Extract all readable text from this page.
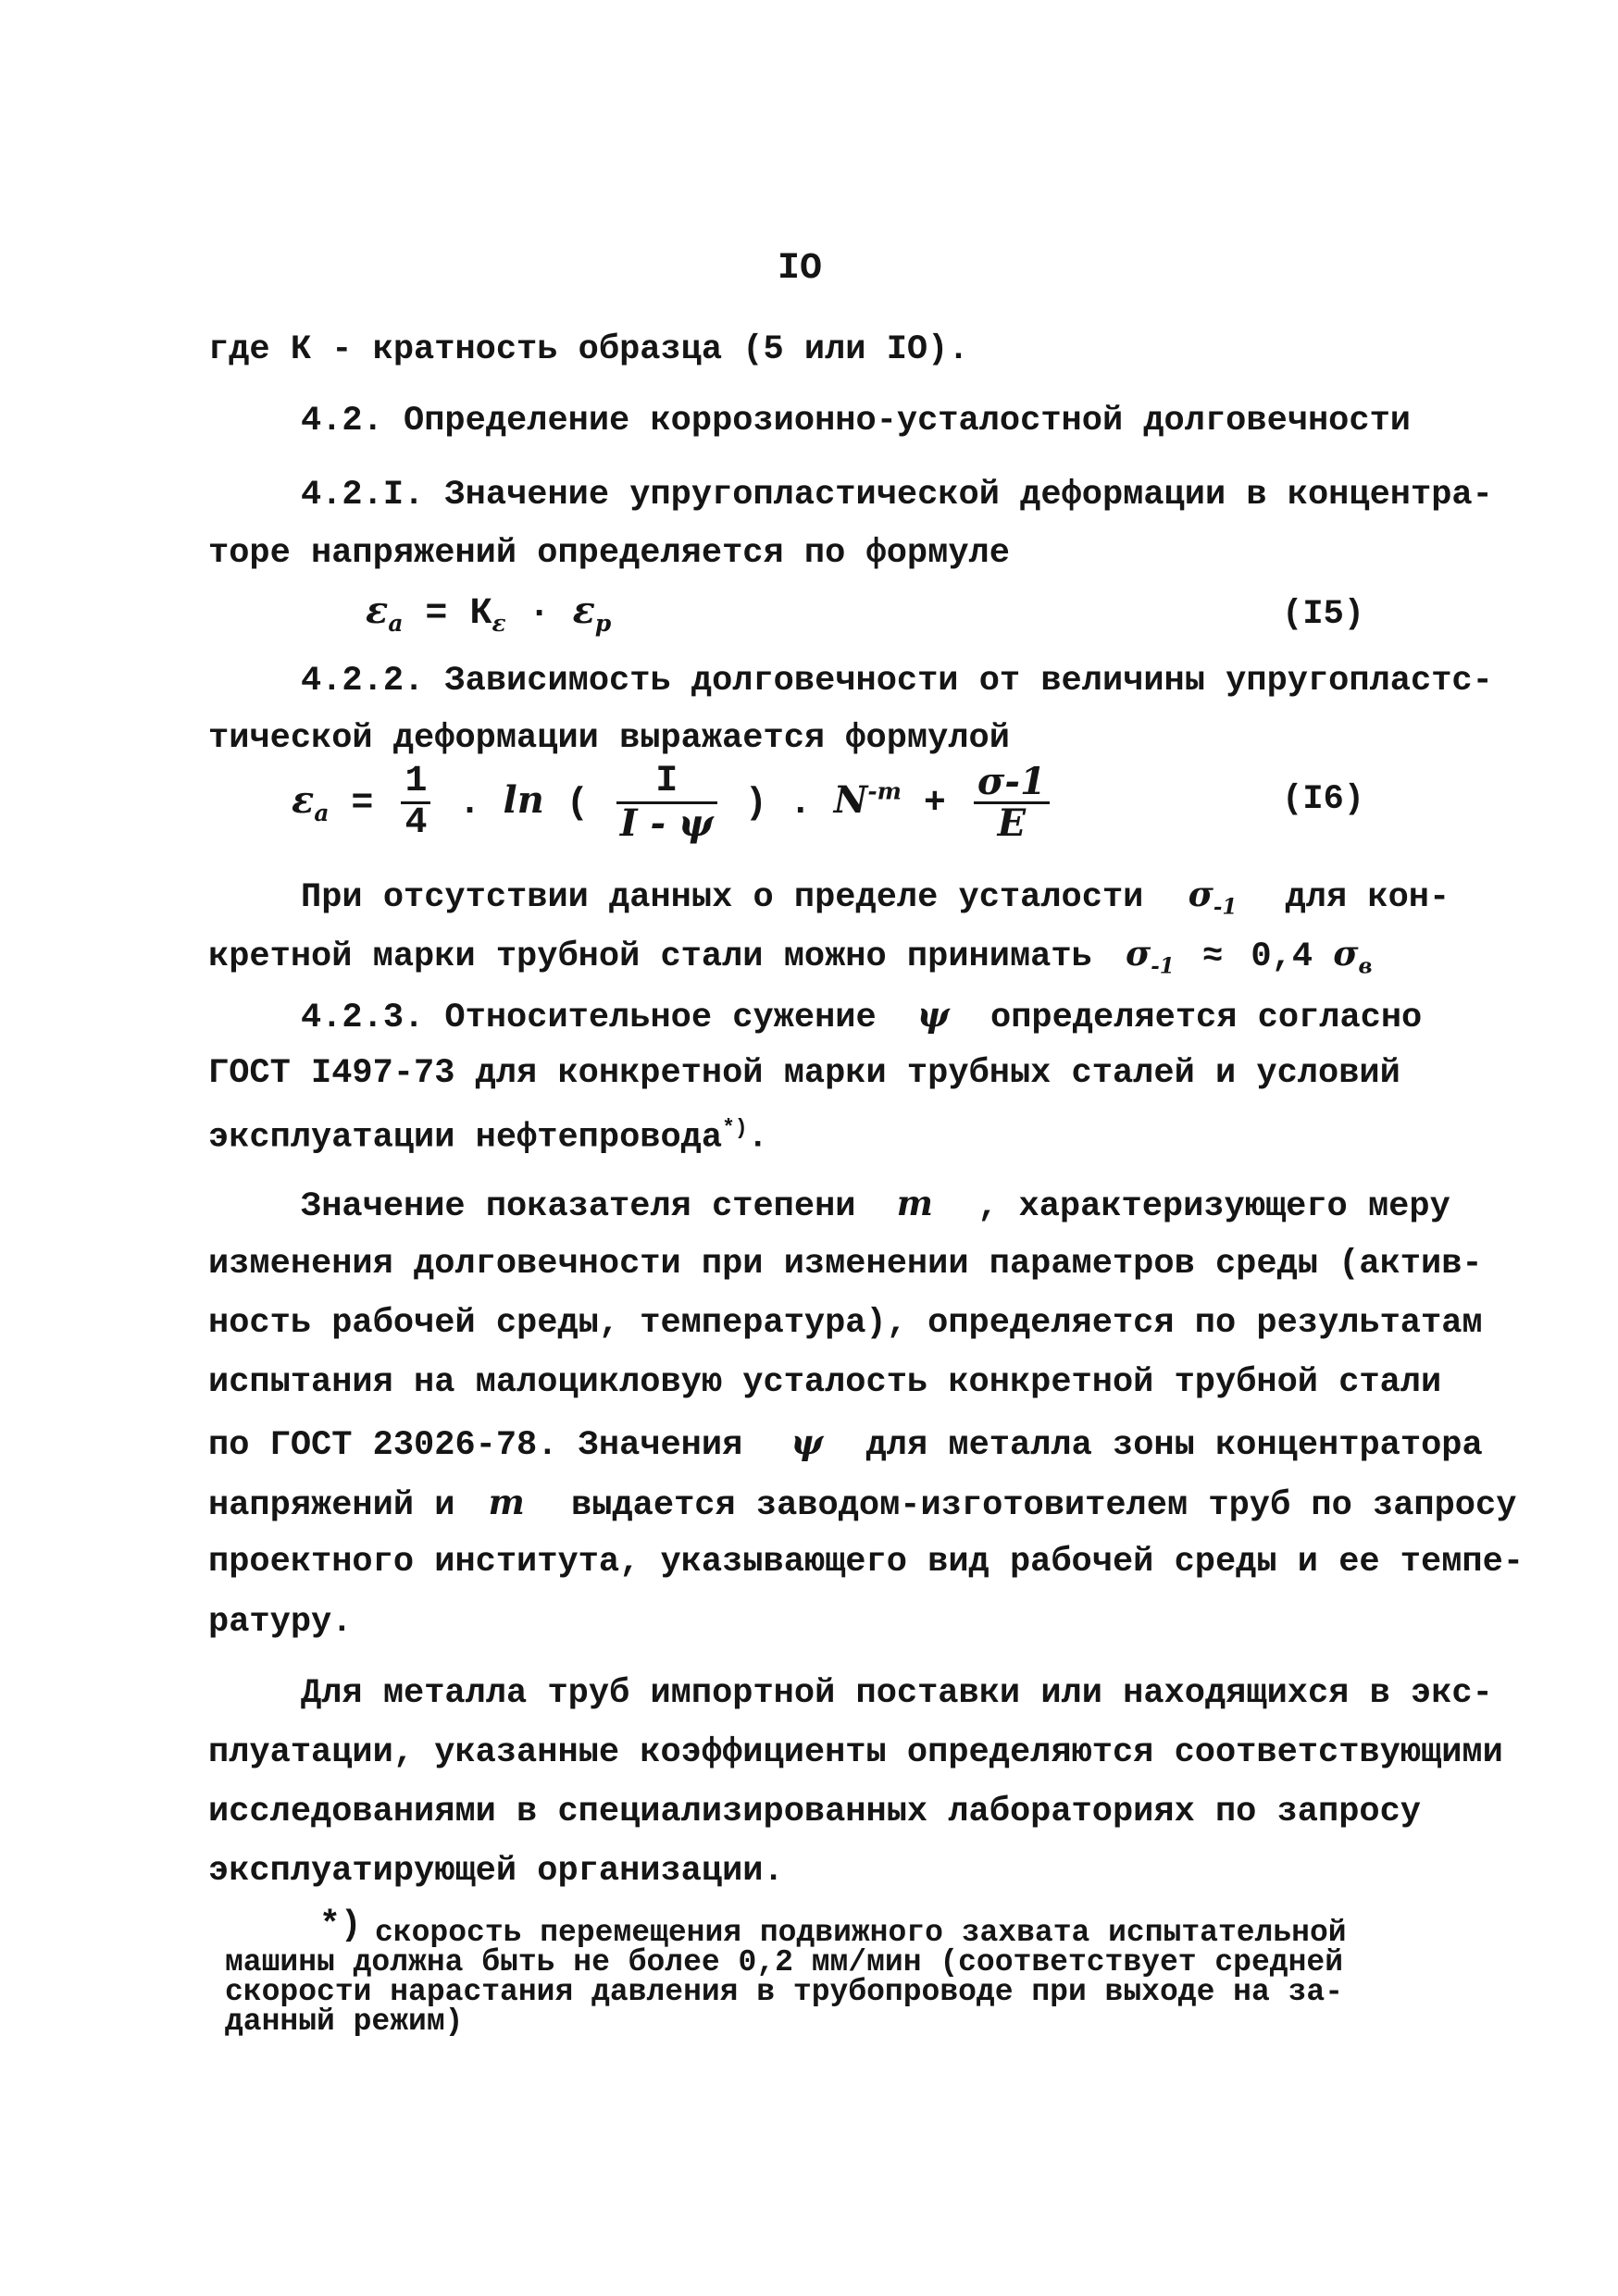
IO
где К - кратность образца (5 или IO).
4.2. Определение коррозионно-усталостной долговечности
4.2.I. Значение упругопластической деформации в концентра-
торе напряжений определяется по формуле
$\varepsilon_a = К_\varepsilon \cdot \varepsilon_p$	(I5)
4.2.2. Зависимость долговечности от величины упругопластс-
тической деформации выражается формулой
$\varepsilon_a = \frac{1}{4}$ . ln ( $\frac{I}{I - \psi}$ ) . $N^{-m} + \frac{\sigma-1}{E}$	(I6)
При отсутствии данных о пределе усталости $\sigma_{-1}$ для кон-
кретной марки трубной стали можно принимать $\sigma_{-1} \approx 0,4$ $\sigma_в$
4.2.3. Относительное сужение ψ определяется согласно
ГОСТ I497-73 для конкретной марки трубных сталей и условий
эксплуатации нефтепровода*).
Значение показателя степени m , характеризующего меру
изменения долговечности при изменении параметров среды (актив-
ность рабочей среды, температура), определяется по результатам
испытания на малоцикловую усталость конкретной трубной стали
по ГОСТ 23026-78. Значения ψ для металла зоны концентратора
напряжений и m выдается заводом-изготовителем труб по запросу
проектного института, указывающего вид рабочей среды и ее темпе-
ратуру.
Для металла труб импортной поставки или находящихся в экс-
плуатации, указанные коэффициенты определяются соответствующими
исследованиями в специализированных лабораториях по запросу
эксплуатирующей организации.
*) скорость перемещения подвижного захвата испытательной
машины должна быть не более 0,2 мм/мин (соответствует средней
скорости нарастания давления в трубопроводе при выходе на за-
данный режим)
